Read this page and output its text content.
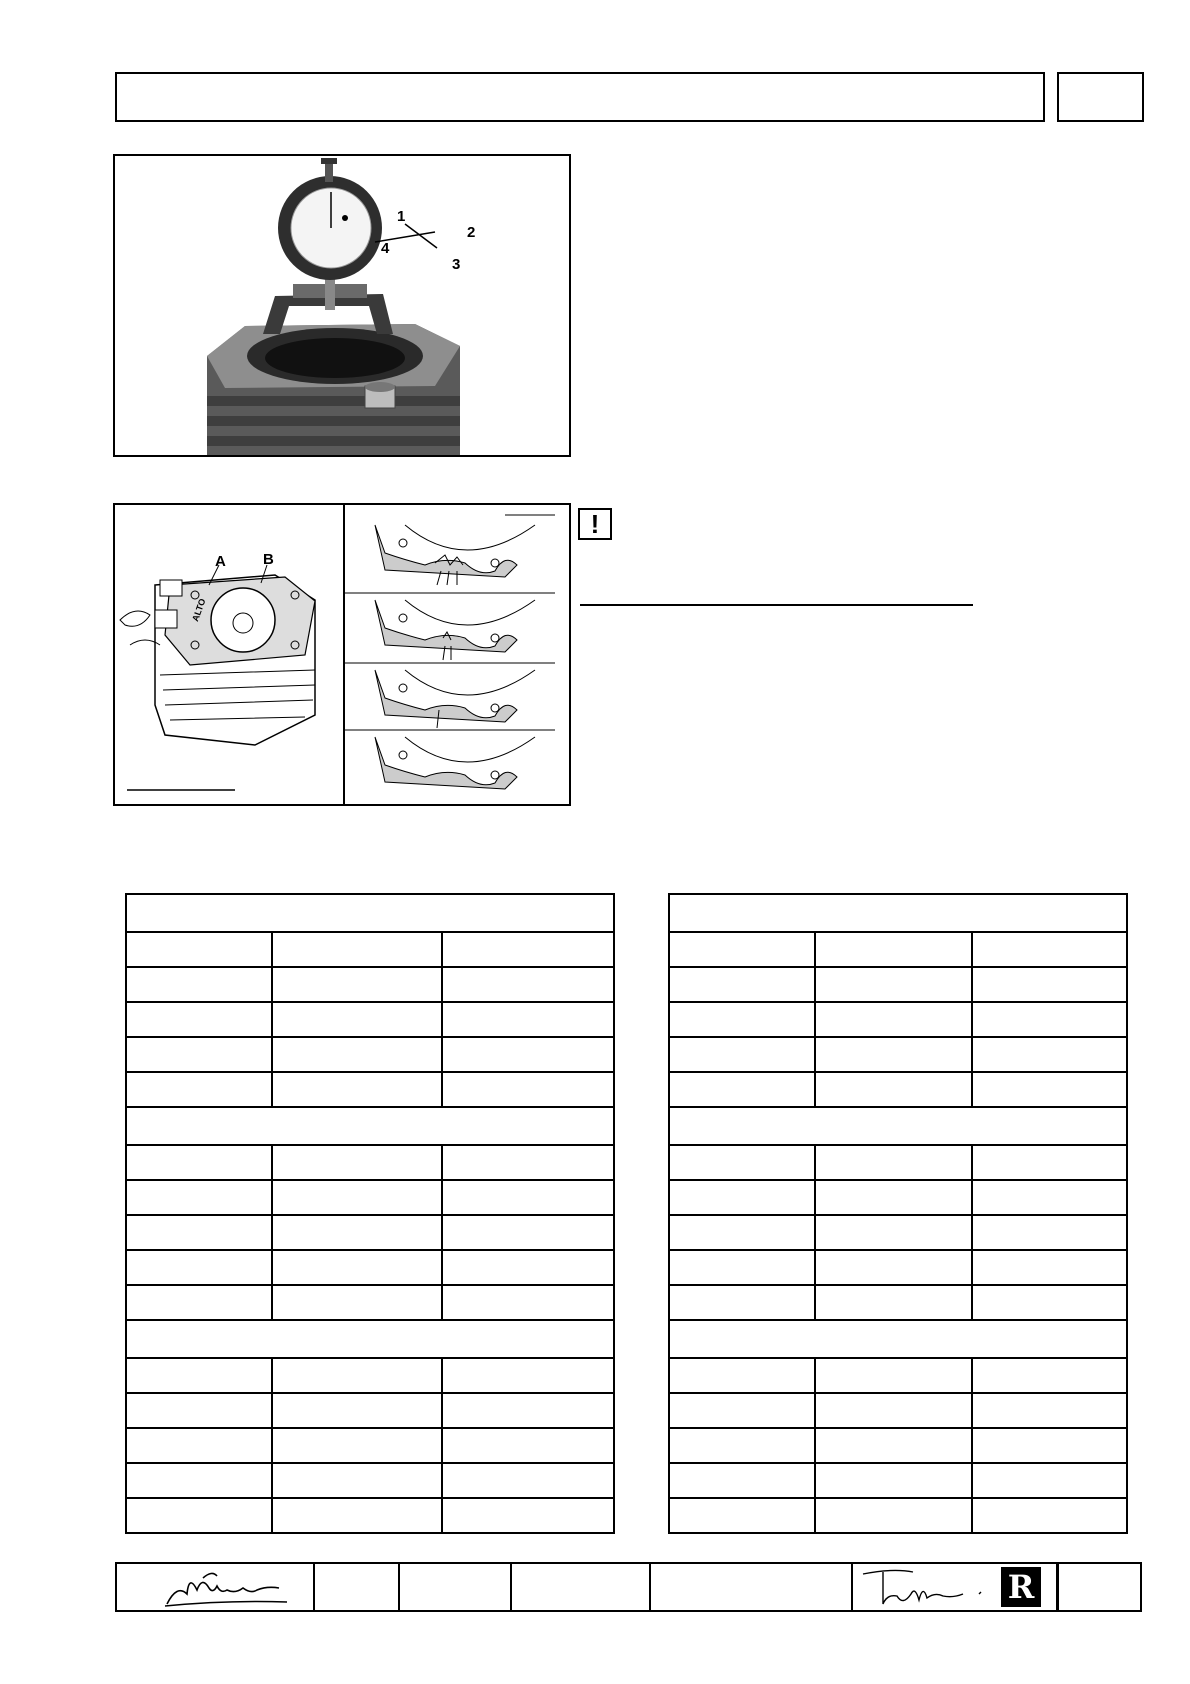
1
2
3
4
A B
ALTO
!

R
